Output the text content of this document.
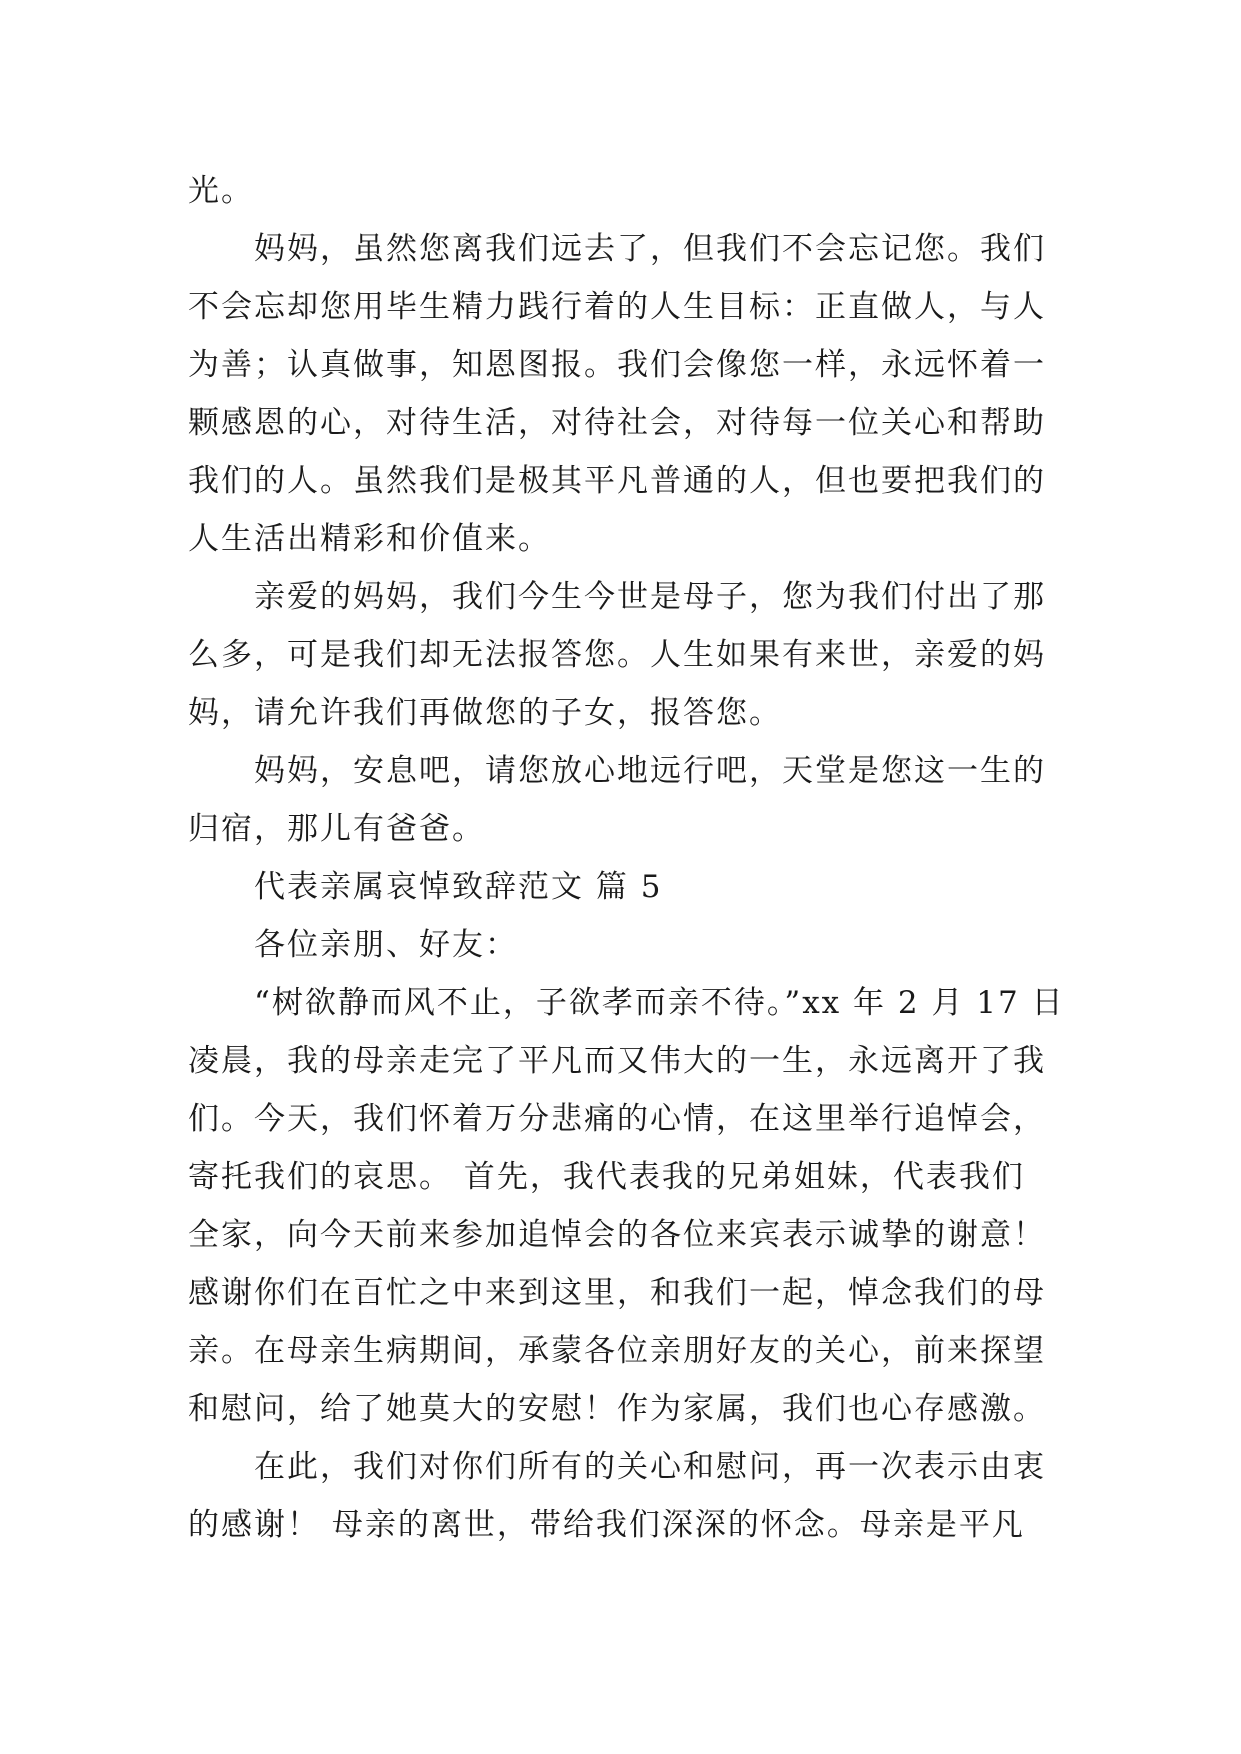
光。
妈妈，虽然您离我们远去了，但我们不会忘记您。我们
不会忘却您用毕生精力践行着的人生目标：正直做人，与人
为善；认真做事，知恩图报。我们会像您一样，永远怀着一
颗感恩的心，对待生活，对待社会，对待每一位关心和帮助
我们的人。虽然我们是极其平凡普通的人，但也要把我们的
人生活出精彩和价值来。
亲爱的妈妈，我们今生今世是母子，您为我们付出了那
么多，可是我们却无法报答您。人生如果有来世，亲爱的妈
妈，请允许我们再做您的子女，报答您。
妈妈，安息吧，请您放心地远行吧，天堂是您这一生的
归宿，那儿有爸爸。
代表亲属哀悼致辞范文 篇 5
各位亲朋、好友：
“树欲静而风不止，子欲孝而亲不待。”xx 年 2 月 17 日
凌晨，我的母亲走完了平凡而又伟大的一生，永远离开了我
们。今天，我们怀着万分悲痛的心情，在这里举行追悼会，
寄托我们的哀思。 首先，我代表我的兄弟姐妹，代表我们
全家，向今天前来参加追悼会的各位来宾表示诚挚的谢意！
感谢你们在百忙之中来到这里，和我们一起，悼念我们的母
亲。在母亲生病期间，承蒙各位亲朋好友的关心，前来探望
和慰问，给了她莫大的安慰！作为家属，我们也心存感激。
在此，我们对你们所有的关心和慰问，再一次表示由衷
的感谢！ 母亲的离世，带给我们深深的怀念。母亲是平凡
